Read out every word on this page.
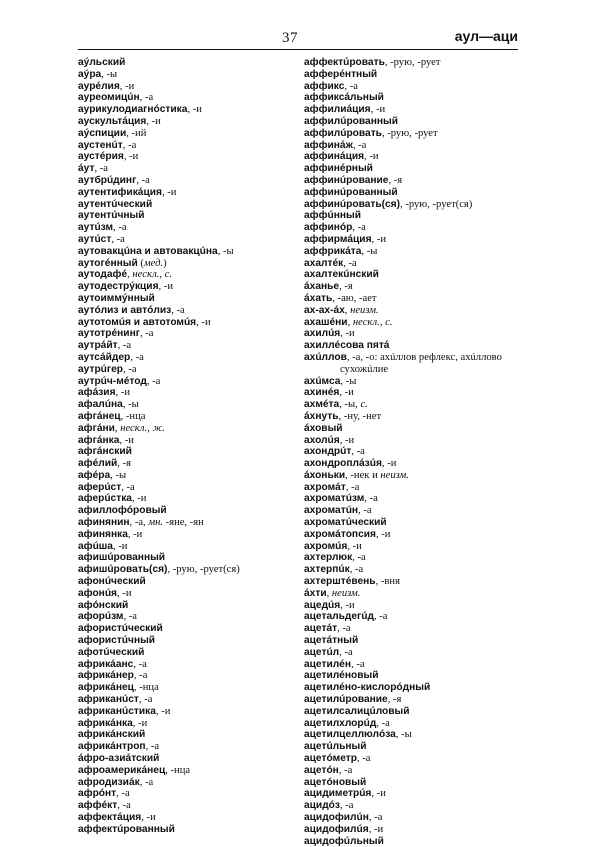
37	аул—аци
аýльский
аýра, -ы
аурéлия, -и
ауреомицúн, -а
аурикулодиагнóстика, -и
аускультáция, -и
аýспиции, -ий
аустенúт, -а
аустéрия, -и
áут, -а
аутбрúдинг, -а
аутентификáция, -и
аутентúческий
аутентúчный
аутúзм, -а
аутúст, -а
аутовакцúна и автовакцúна, -ы
аутогéнный (мед.)
аутодафé, нескл., с.
аутодестрýкция, -и
аутоиммýнный
аутóлиз и автóлиз, -а
аутотомúя и автотомúя, -и
аутотрéнинг, -а
аутрáйт, -а
аутсáйдер, -а
аутрúгер, -а
аутрúч-мéтод, -а
афáзия, -и
афалúна, -ы
афгáнец, -нца
афгáни, нескл., ж.
афгáнка, -и
афгáнский
афéлий, -я
афéра, -ы
аферúст, -а
аферúстка, -и
афиллофóровый
афинянин, -а, мн. -яне, -ян
афинянка, -и
афúша, -и
афишúрованный
афишúровать(ся), -рую, -рует(ся)
афонúческий
афонúя, -и
афóнский
афорúзм, -а
афористúческий
афористúчный
афотúческий
африкáанс, -а
африкáнер, -а
африкáнец, -нца
африканúст, -а
африканúстика, -и
африкáнка, -и
африкáнский
африкáнтроп, -а
áфро-азиáтский
афроамерикáнец, -нца
афродизиáк, -а
афрóнт, -а
аффéкт, -а
аффектáция, -и
аффектúрованный
аффектúровать, -рую, -рует
афферéнтный
аффикс, -а
аффиксáльный
аффилиáция, -и
аффилúрованный
аффилúровать, -рую, -рует
аффинáж, -а
аффинáция, -и
аффинéрный
аффинúрование, -я
аффинúрованный
аффинúровать(ся), -рую, -рует(ся)
аффúнный
аффинóр, -а
аффирмáция, -и
аффрикáта, -ы
ахалтéк, -а
ахалтекúнский
áханье, -я
áхать, -аю, -ает
ах-ах-áх, неизм.
ахашéни, нескл., с.
ахилúя, -и
ахиллéсова пятá
ахúллов, -а, -о: ахúллов рефлекс, ахúллово
сухожúлие
ахúмса, -ы
ахинéя, -и
ахмéта, -ы, с.
áхнуть, -ну, -нет
áховый
ахолúя, -и
ахондрúт, -а
ахондроплáзúя, -и
áхоньки, -нек и неизм.
ахромáт, -а
ахроматúзм, -а
ахроматúн, -а
ахроматúческий
ахромáтопсия, -и
ахромúя, -и
ахтерлюк, -а
ахтерпúк, -а
ахтерштéвень, -вня
áхти, неизм.
ацедúя, -и
ацетальдегúд, -а
ацетáт, -а
ацетáтный
ацетúл, -а
ацетилéн, -а
ацетилéновый
ацетилéно-кислорóдный
ацетилúрование, -я
ацетилсалицúловый
ацетилхлорúд, -а
ацетилцеллюлóза, -ы
ацетúльный
ацетóметр, -а
ацетóн, -а
ацетóновый
ацидиметрúя, -и
ацидóз, -а
ацидофилúн, -а
ацидофилúя, -и
ацидофúльный
